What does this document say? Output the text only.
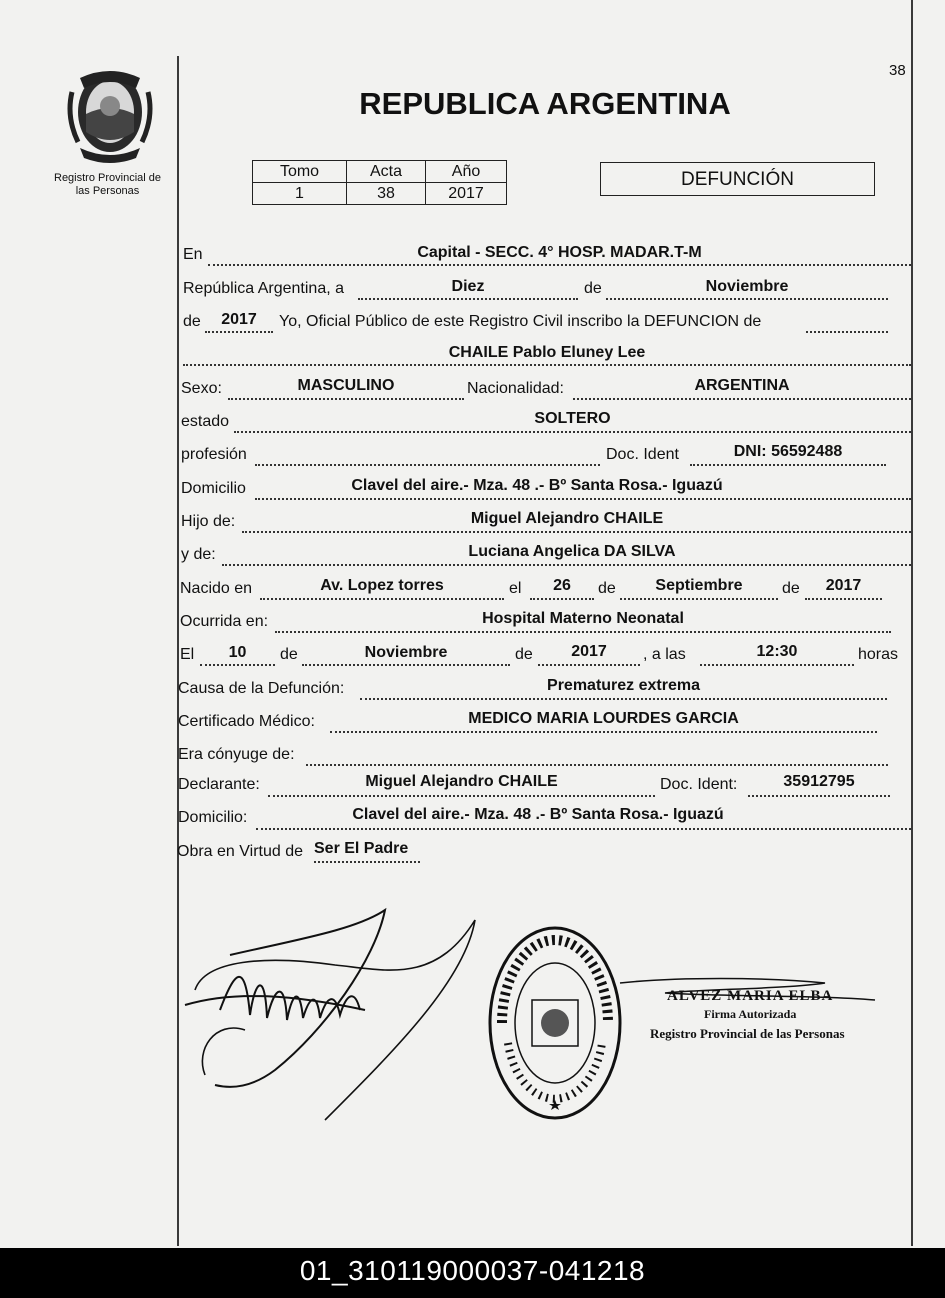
Registro Provincial de
las Personas
38
REPUBLICA ARGENTINA
Tomo	Acta	Año
1	38	2017
DEFUNCIÓN
En	Capital - SECC. 4° HOSP. MADAR.T-M
República Argentina, a	Diez	de	Noviembre
de	2017	Yo, Oficial Público de este Registro Civil inscribo la DEFUNCION de
CHAILE Pablo Eluney Lee
Sexo:	MASCULINO	Nacionalidad:	ARGENTINA
estado	SOLTERO
profesión	Doc. Ident	DNI: 56592488
Domicilio	Clavel del aire.- Mza. 48 .- Bº Santa Rosa.- Iguazú
Hijo de:	Miguel Alejandro CHAILE
y de:	Luciana Angelica DA SILVA
Nacido en	Av. Lopez torres	el	26	de	Septiembre	de	2017
Ocurrida en:	Hospital Materno Neonatal
El	10	de	Noviembre	de	2017	, a las	12:30	horas
Causa de la Defunción:	Prematurez extrema
Certificado Médico:	MEDICO MARIA LOURDES GARCIA
Era cónyuge de:
Declarante:	Miguel Alejandro CHAILE	Doc. Ident:	35912795
Domicilio:	Clavel del aire.- Mza. 48 .- Bº Santa Rosa.- Iguazú
Obra en Virtud de Ser El Padre
ALVEZ MARIA ELBA
Firma Autorizada
Registro Provincial de las Personas
01_310119000037-041218
